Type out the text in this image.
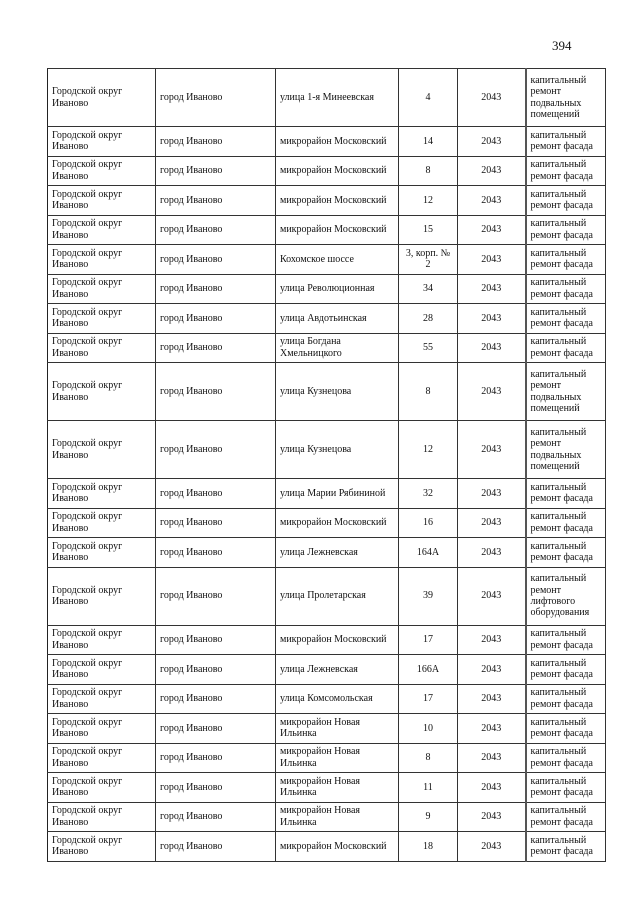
394
Городской округ Иваново	город Иваново	улица 1-я Минеевская	4	2043	капитальный ремонт подвальных помещений
Городской округ Иваново	город Иваново	микрорайон Московский	14	2043	капитальный ремонт фасада
Городской округ Иваново	город Иваново	микрорайон Московский	8	2043	капитальный ремонт фасада
Городской округ Иваново	город Иваново	микрорайон Московский	12	2043	капитальный ремонт фасада
Городской округ Иваново	город Иваново	микрорайон Московский	15	2043	капитальный ремонт фасада
Городской округ Иваново	город Иваново	Кохомское шоссе	3, корп. № 2	2043	капитальный ремонт фасада
Городской округ Иваново	город Иваново	улица Революционная	34	2043	капитальный ремонт фасада
Городской округ Иваново	город Иваново	улица Авдотьинская	28	2043	капитальный ремонт фасада
Городской округ Иваново	город Иваново	улица Богдана Хмельницкого	55	2043	капитальный ремонт фасада
Городской округ Иваново	город Иваново	улица Кузнецова	8	2043	капитальный ремонт подвальных помещений
Городской округ Иваново	город Иваново	улица Кузнецова	12	2043	капитальный ремонт подвальных помещений
Городской округ Иваново	город Иваново	улица Марии Рябининой	32	2043	капитальный ремонт фасада
Городской округ Иваново	город Иваново	микрорайон Московский	16	2043	капитальный ремонт фасада
Городской округ Иваново	город Иваново	улица Лежневская	164А	2043	капитальный ремонт фасада
Городской округ Иваново	город Иваново	улица Пролетарская	39	2043	капитальный ремонт лифтового оборудования
Городской округ Иваново	город Иваново	микрорайон Московский	17	2043	капитальный ремонт фасада
Городской округ Иваново	город Иваново	улица Лежневская	166А	2043	капитальный ремонт фасада
Городской округ Иваново	город Иваново	улица Комсомольская	17	2043	капитальный ремонт фасада
Городской округ Иваново	город Иваново	микрорайон Новая Ильинка	10	2043	капитальный ремонт фасада
Городской округ Иваново	город Иваново	микрорайон Новая Ильинка	8	2043	капитальный ремонт фасада
Городской округ Иваново	город Иваново	микрорайон Новая Ильинка	11	2043	капитальный ремонт фасада
Городской округ Иваново	город Иваново	микрорайон Новая Ильинка	9	2043	капитальный ремонт фасада
Городской округ Иваново	город Иваново	микрорайон Московский	18	2043	капитальный ремонт фасада
